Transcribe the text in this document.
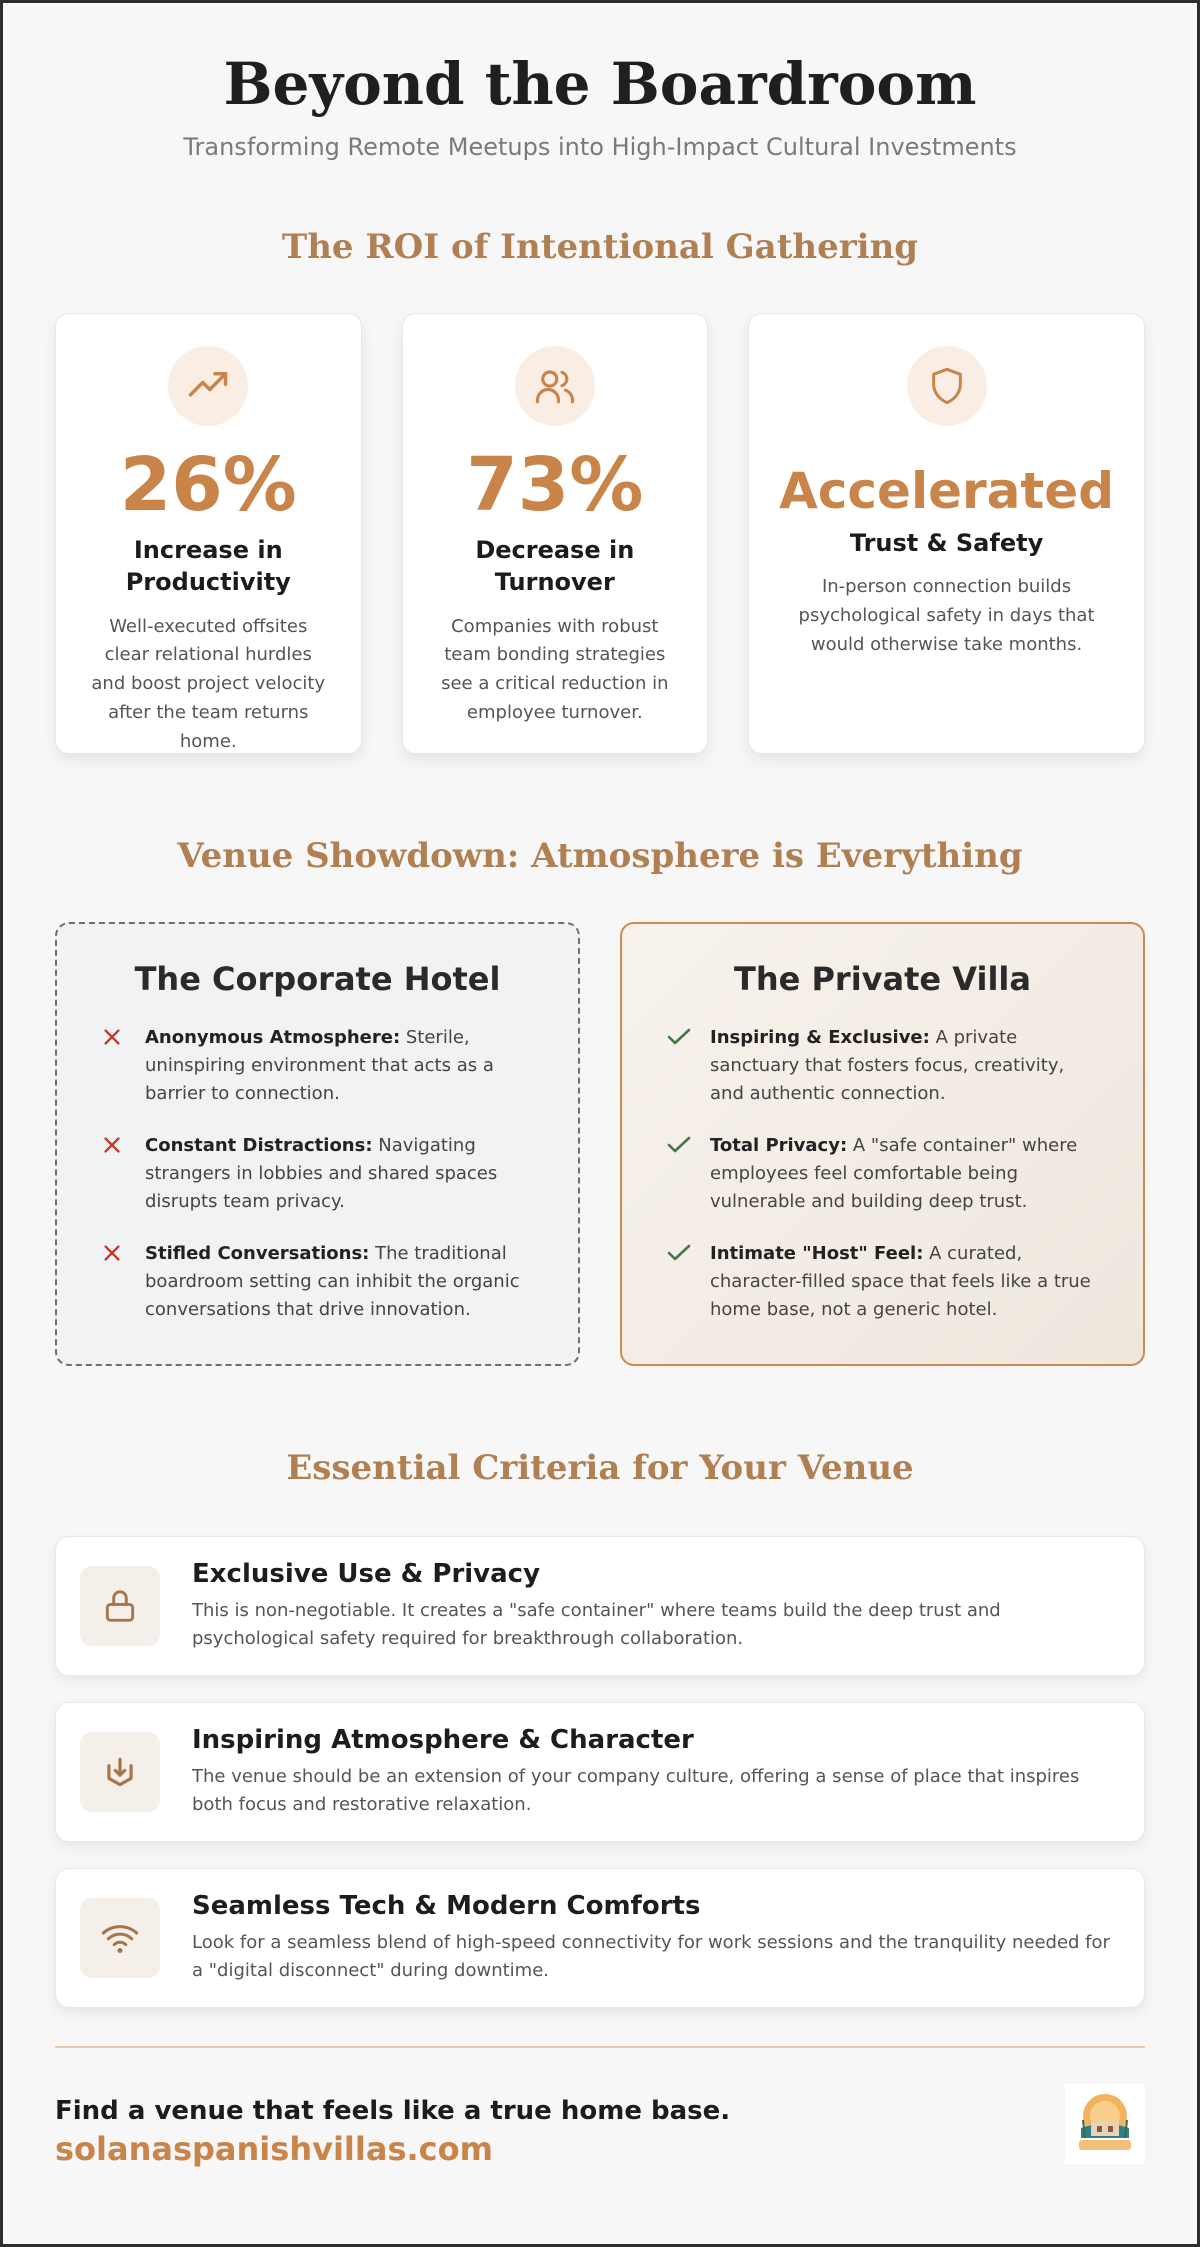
Beyond the Boardroom

Transforming Remote Meetups into High-Impact Cultural Investments

The ROI of Intentional Gathering
26%
Increase in
Productivity

Well-executed offsites clear relational hurdles and boost project velocity after the team returns home.

73%
Decrease in
Turnover

Companies with robust team bonding strategies see a critical reduction in employee turnover.

Accelerated
Trust & Safety

In-person connection builds psychological safety in days that would otherwise take months.

Venue Showdown: Atmosphere is Everything
The Corporate Hotel

Anonymous Atmosphere: Sterile, uninspiring environment that acts as a barrier to connection.

Constant Distractions: Navigating strangers in lobbies and shared spaces disrupts team privacy.

Stifled Conversations: The traditional boardroom setting can inhibit the organic conversations that drive innovation.

The Private Villa

Inspiring & Exclusive: A private sanctuary that fosters focus, creativity, and authentic connection.

Total Privacy: A "safe container" where employees feel comfortable being vulnerable and building deep trust.

Intimate "Host" Feel: A curated, character-filled space that feels like a true home base, not a generic hotel.

Essential Criteria for Your Venue
Exclusive Use & Privacy

This is non-negotiable. It creates a "safe container" where teams build the deep trust and psychological safety required for breakthrough collaboration.

Inspiring Atmosphere & Character

The venue should be an extension of your company culture, offering a sense of place that inspires both focus and restorative relaxation.

Seamless Tech & Modern Comforts

Look for a seamless blend of high-speed connectivity for work sessions and the tranquility needed for a "digital disconnect" during downtime.

Find a venue that feels like a true home base.

solanaspanishvillas.com
